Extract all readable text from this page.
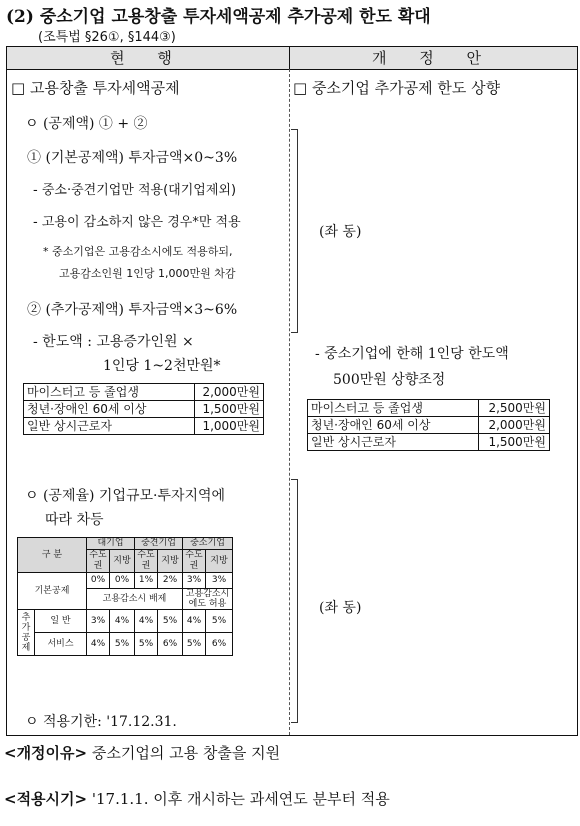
(2) 중소기업 고용창출 투자세액공제 추가공제 한도 확대
(조특법 §26①, §144③)
현 행	개 정 안
□ 고용창출 투자세액공제
ㅇ (공제액) ① + ②
① (기본공제액) 투자금액×0~3%
- 중소·중견기업만 적용(대기업제외)
- 고용이 감소하지 않은 경우*만 적용
* 중소기업은 고용감소시에도 적용하되,
고용감소인원 1인당 1,000만원 차감
② (추가공제액) 투자금액×3~6%
- 한도액 : 고용증가인원 ×
1인당 1~2천만원*
마이스터고 등 졸업생	2,000만원
청년·장애인 60세 이상	1,500만원
일반 상시근로자	1,000만원
ㅇ (공제율) 기업규모·투자지역에
따라 차등
구 분		대기업		중견기업		중소기업	
		수도권	지방	수도권	지방	수도권	지방
기본공제		0%	0%	1%	2%	3%	3%
		고용감소시 배제				고용감소시에도 허용	
추가공제	일 반	3%	4%	4%	5%	4%	5%
	서비스	4%	5%	5%	6%	5%	6%
ㅇ 적용기한: '17.12.31.
□ 중소기업 추가공제 한도 상향
(좌 동)
- 중소기업에 한해 1인당 한도액
500만원 상향조정
마이스터고 등 졸업생	2,500만원
청년·장애인 60세 이상	2,000만원
일반 상시근로자	1,500만원
(좌 동)
<개정이유> 중소기업의 고용 창출을 지원
<적용시기> '17.1.1. 이후 개시하는 과세연도 분부터 적용
